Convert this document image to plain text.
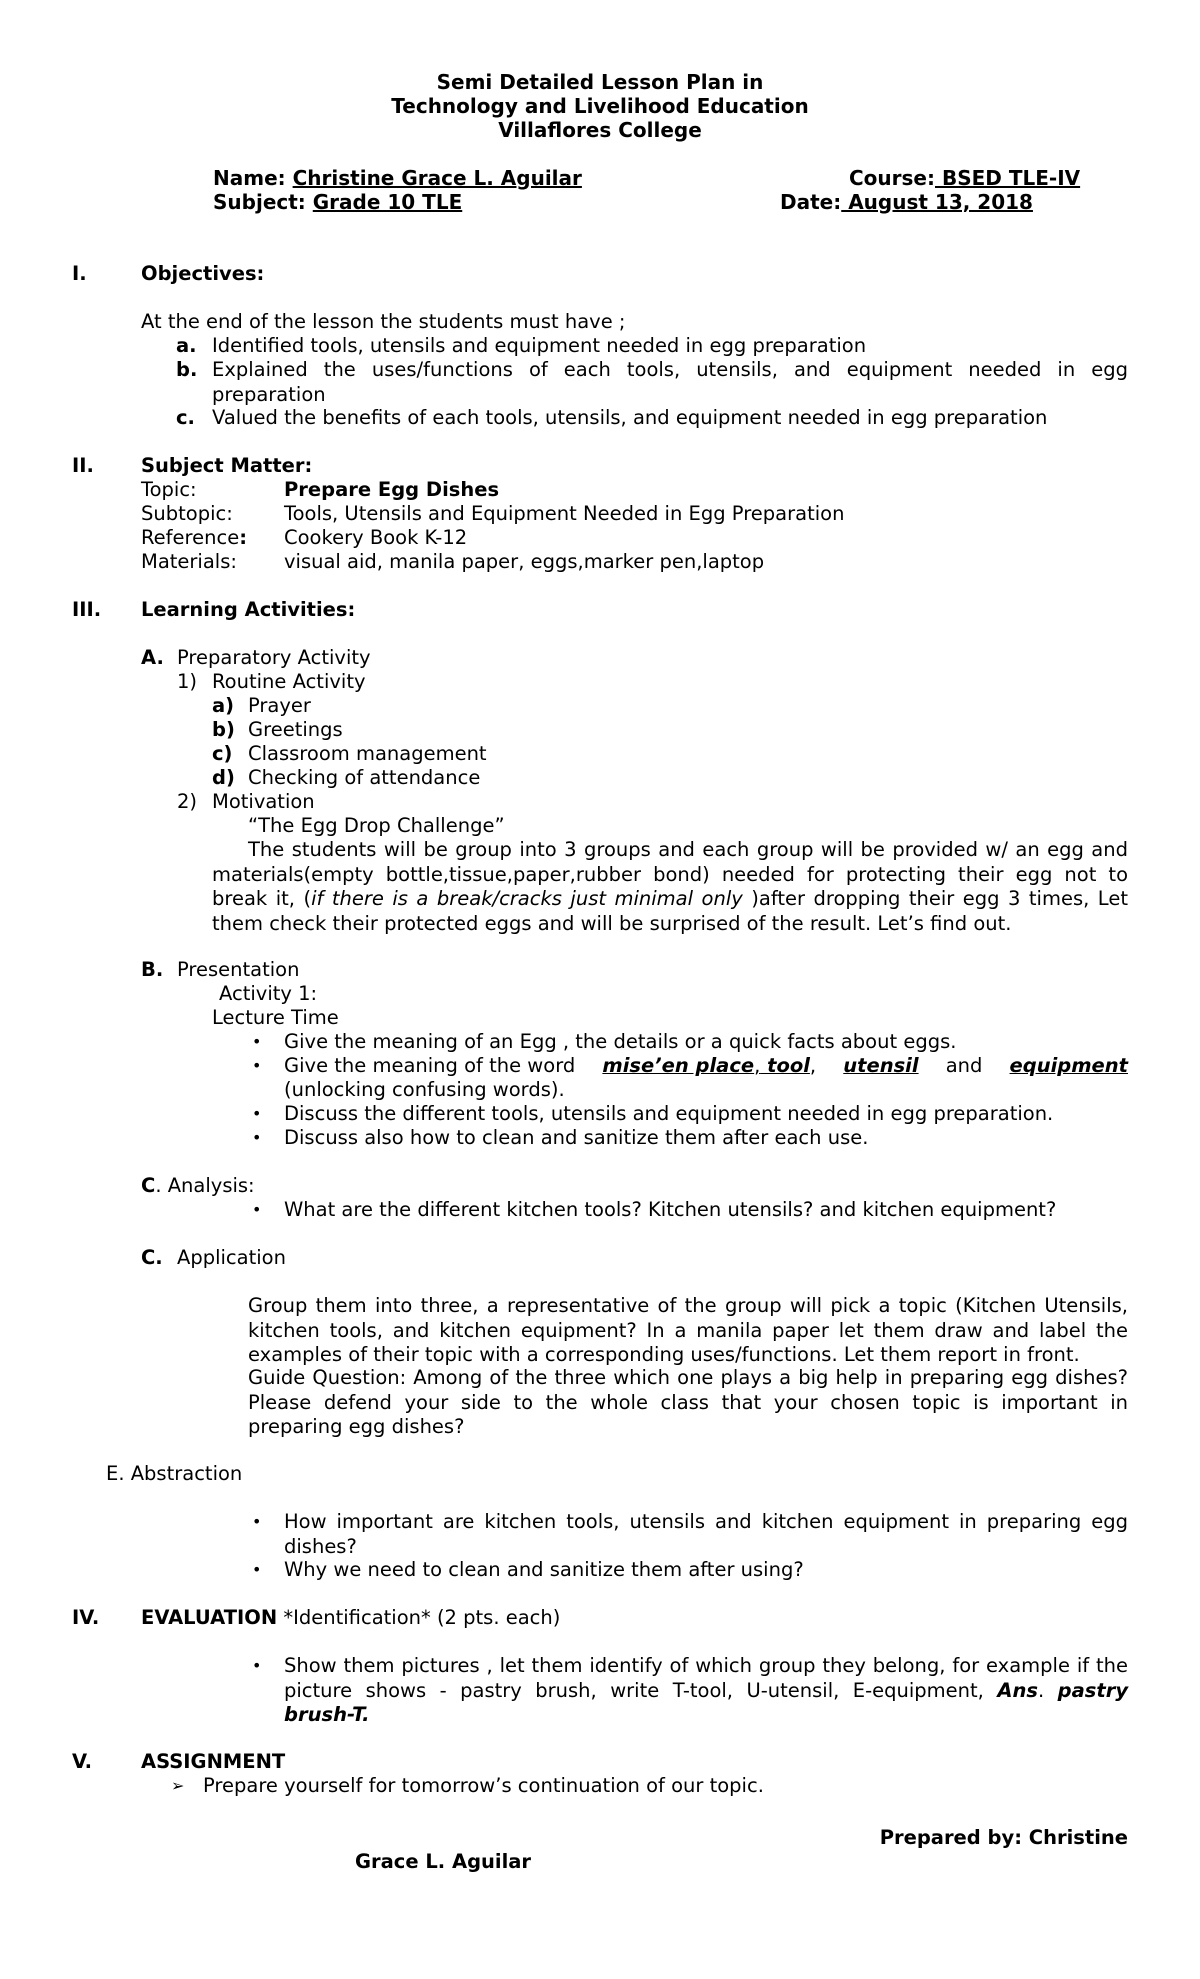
Semi Detailed Lesson Plan in
Technology and Livelihood Education
Villaflores College
Name: Christine Grace L. Aguilar	Course: BSED TLE-IV
Subject: Grade 10 TLE	Date: August 13, 2018
I.	Objectives:
At the end of the lesson the students must have ;
a. Identified tools, utensils and equipment needed in egg preparation
b. Explained the uses/functions of each tools, utensils, and equipment needed in egg preparation
c. Valued the benefits of each tools, utensils, and equipment needed in egg preparation
II. Subject Matter:
Topic:	Prepare Egg Dishes
Subtopic:	Tools, Utensils and Equipment Needed in Egg Preparation
Reference: Cookery Book K-12
Materials: visual aid, manila paper, eggs,marker pen,laptop
III. Learning Activities:
A. Preparatory Activity
1) Routine Activity
a) Prayer
b) Greetings
c) Classroom management
d) Checking of attendance
2) Motivation
“The Egg Drop Challenge”
The students will be group into 3 groups and each group will be provided w/ an egg and materials(empty bottle,tissue,paper,rubber bond) needed for protecting their egg not to break it, (if there is a break/cracks just minimal only )after dropping their egg 3 times, Let them check their protected eggs and will be surprised of the result. Let’s find out.
B. Presentation
Activity 1:
Lecture Time
• Give the meaning of an Egg , the details or a quick facts about eggs.
• Give the meaning of the word mise’en place, tool, utensil and equipment
(unlocking confusing words).
• Discuss the different tools, utensils and equipment needed in egg preparation.
• Discuss also how to clean and sanitize them after each use.
C. Analysis:
• What are the different kitchen tools? Kitchen utensils? and kitchen equipment?
C. Application
Group them into three, a representative of the group will pick a topic (Kitchen Utensils, kitchen tools, and kitchen equipment? In a manila paper let them draw and label the examples of their topic with a corresponding uses/functions. Let them report in front.
Guide Question: Among of the three which one plays a big help in preparing egg dishes? Please defend your side to the whole class that your chosen topic is important in preparing egg dishes?
E. Abstraction
• How important are kitchen tools, utensils and kitchen equipment in preparing egg dishes?
• Why we need to clean and sanitize them after using?
IV. EVALUATION *Identification* (2 pts. each)
• Show them pictures , let them identify of which group they belong, for example if the picture shows - pastry brush, write T-tool, U-utensil, E-equipment, Ans. pastry brush-T.
V.	ASSIGNMENT
➢ Prepare yourself for tomorrow’s continuation of our topic.
Prepared by: Christine
Grace L. Aguilar
